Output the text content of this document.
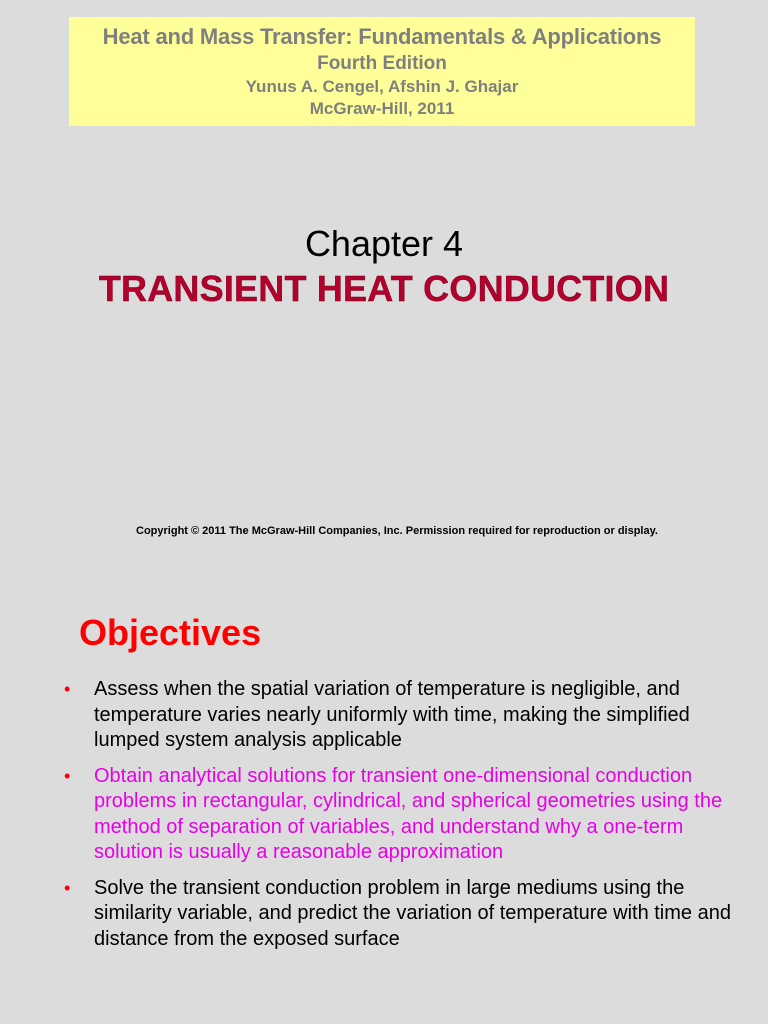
Heat and Mass Transfer: Fundamentals & Applications
Fourth Edition
Yunus A. Cengel, Afshin J. Ghajar
McGraw-Hill, 2011
Chapter 4
TRANSIENT HEAT CONDUCTION
Copyright © 2011 The McGraw-Hill Companies, Inc. Permission required for reproduction or display.
Objectives
• Assess when the spatial variation of temperature is negligible, and temperature varies nearly uniformly with time, making the simplified lumped system analysis applicable
• Obtain analytical solutions for transient one-dimensional conduction problems in rectangular, cylindrical, and spherical geometries using the method of separation of variables, and understand why a one-term solution is usually a reasonable approximation
• Solve the transient conduction problem in large mediums using the similarity variable, and predict the variation of temperature with time and distance from the exposed surface
